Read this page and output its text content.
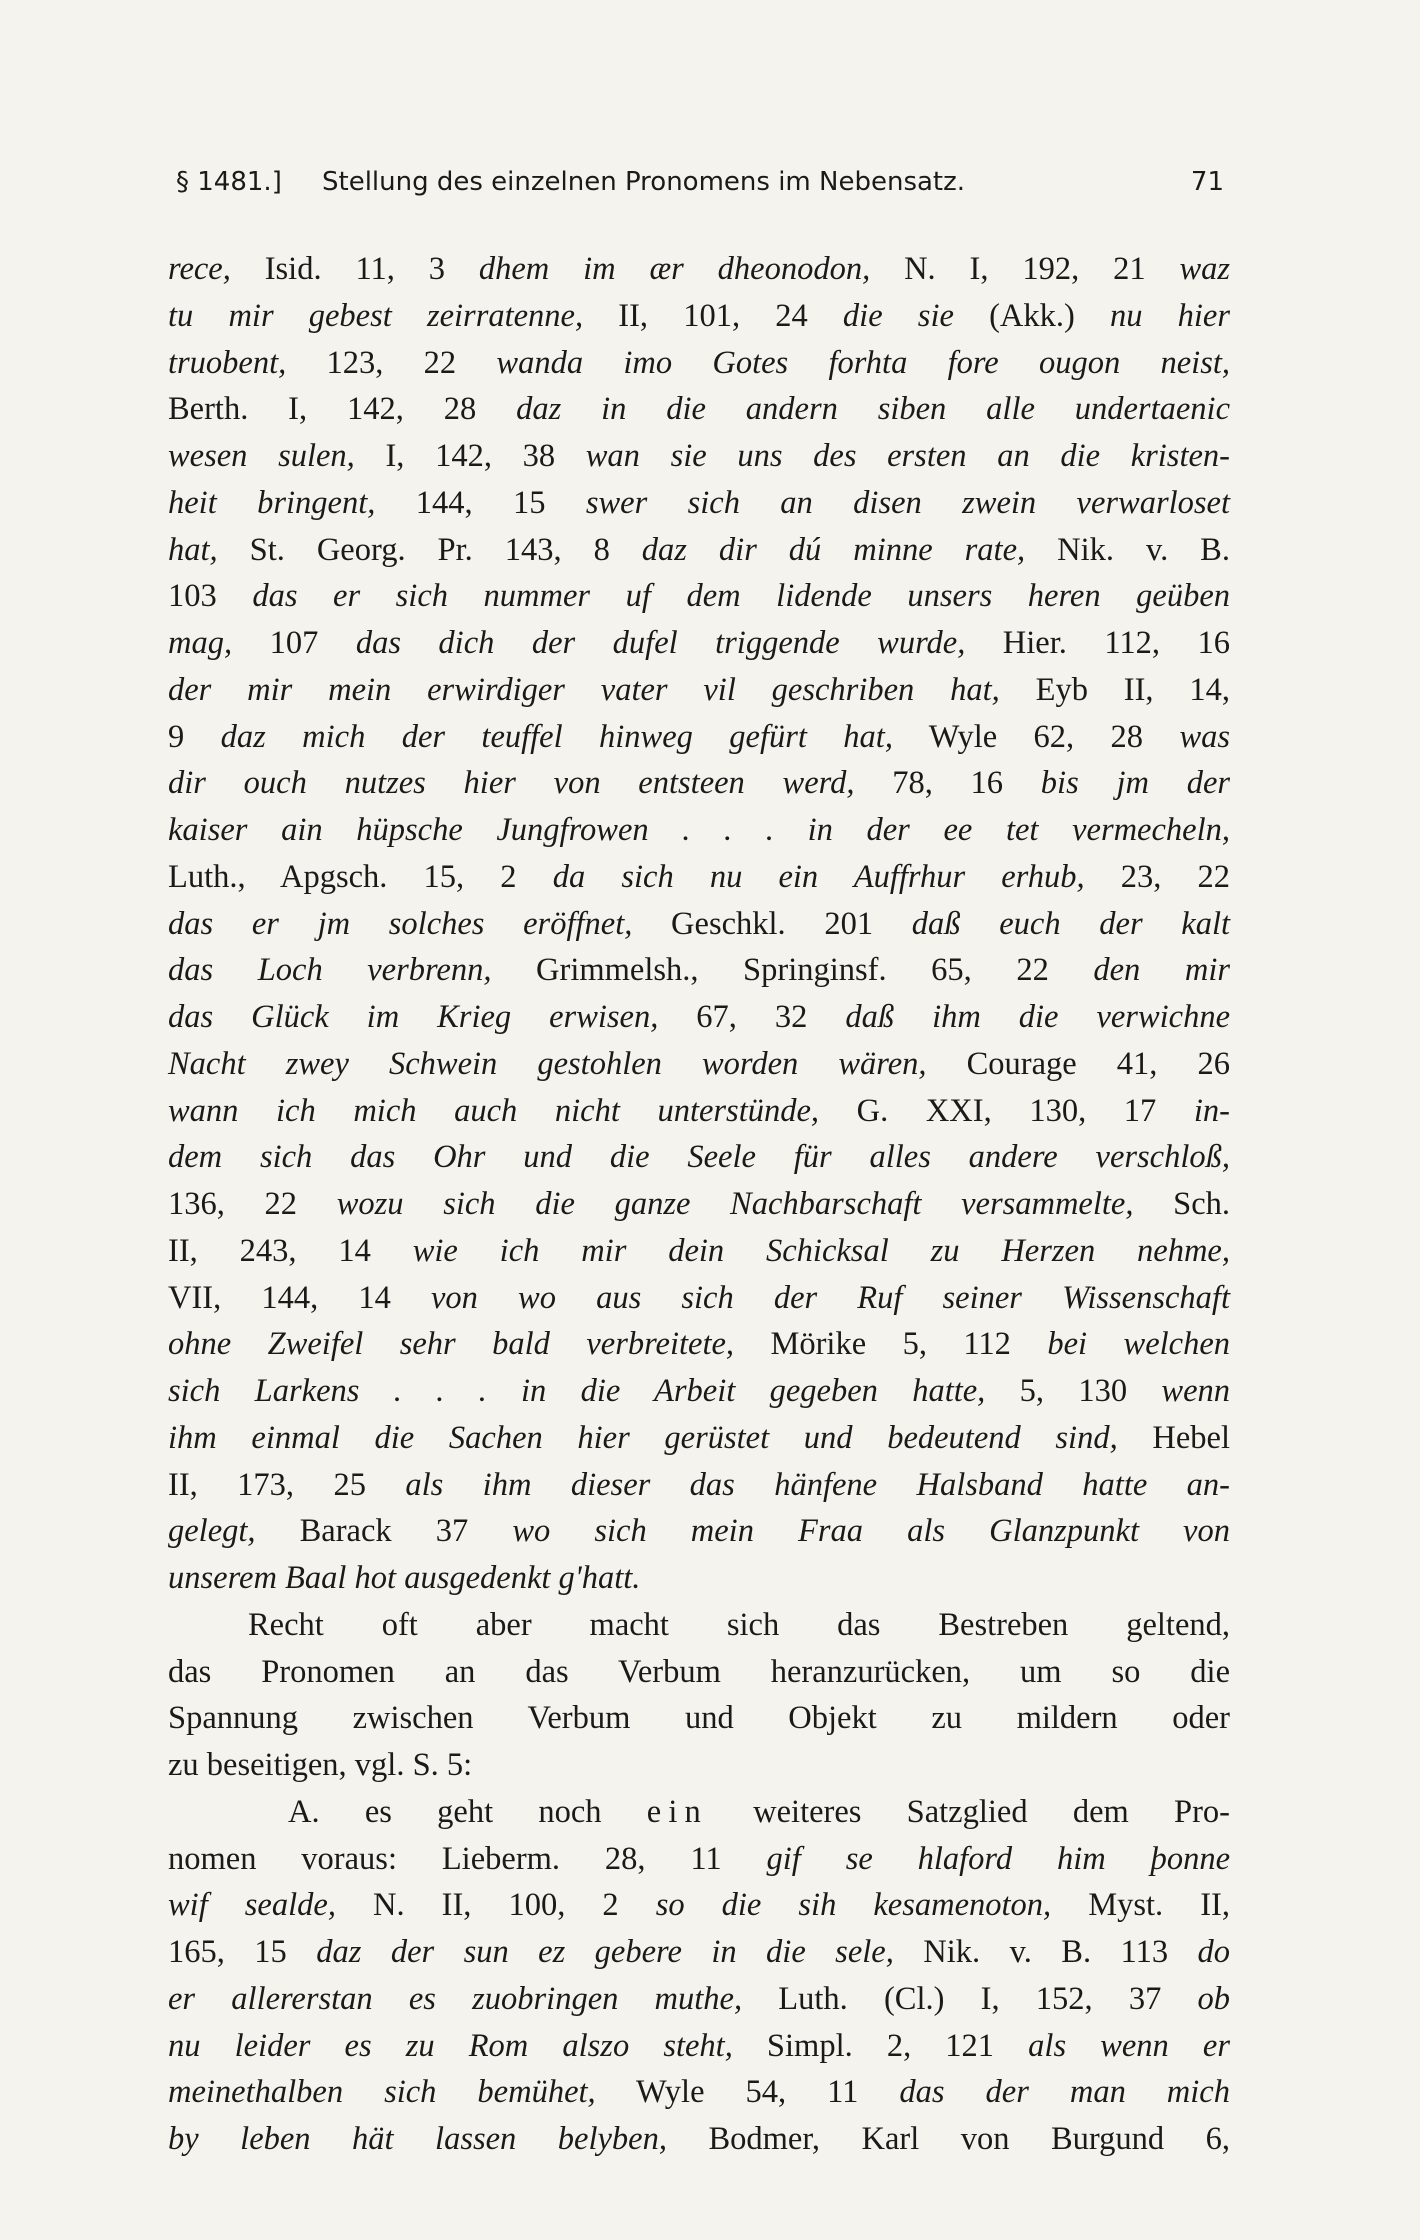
§ 1481.] Stellung des einzelnen Pronomens im Nebensatz.	71
rece, Isid. 11, 3 dhem im ær dheonodon, N. I, 192, 21 waz
tu mir gebest zeirratenne, II, 101, 24 die sie (Akk.) nu hier
truobent, 123, 22 wanda imo Gotes forhta fore ougon neist,
Berth. I, 142, 28 daz in die andern siben alle undertaenic
wesen sulen, I, 142, 38 wan sie uns des ersten an die kristen-
heit bringent, 144, 15 swer sich an disen zwein verwarloset
hat, St. Georg. Pr. 143, 8 daz dir dú minne rate, Nik. v. B.
103 das er sich nummer uf dem lidende unsers heren geüben
mag, 107 das dich der dufel triggende wurde, Hier. 112, 16
der mir mein erwirdiger vater vil geschriben hat, Eyb II, 14,
9 daz mich der teuffel hinweg gefürt hat, Wyle 62, 28 was
dir ouch nutzes hier von entsteen werd, 78, 16 bis jm der
kaiser ain hüpsche Jungfrowen . . . in der ee tet vermecheln,
Luth., Apgsch. 15, 2 da sich nu ein Auffrhur erhub, 23, 22
das er jm solches eröffnet, Geschkl. 201 daß euch der kalt
das Loch verbrenn, Grimmelsh., Springinsf. 65, 22 den mir
das Glück im Krieg erwisen, 67, 32 daß ihm die verwichne
Nacht zwey Schwein gestohlen worden wären, Courage 41, 26
wann ich mich auch nicht unterstünde, G. XXI, 130, 17 in-
dem sich das Ohr und die Seele für alles andere verschloß,
136, 22 wozu sich die ganze Nachbarschaft versammelte, Sch.
II, 243, 14 wie ich mir dein Schicksal zu Herzen nehme,
VII, 144, 14 von wo aus sich der Ruf seiner Wissenschaft
ohne Zweifel sehr bald verbreitete, Mörike 5, 112 bei welchen
sich Larkens . . . in die Arbeit gegeben hatte, 5, 130 wenn
ihm einmal die Sachen hier gerüstet und bedeutend sind, Hebel
II, 173, 25 als ihm dieser das hänfene Halsband hatte an-
gelegt, Barack 37 wo sich mein Fraa als Glanzpunkt von
unserem Baal hot ausgedenkt g'hatt.
Recht oft aber macht sich das Bestreben geltend,
das Pronomen an das Verbum heranzurücken, um so die
Spannung zwischen Verbum und Objekt zu mildern oder
zu beseitigen, vgl. S. 5:
A. es geht noch ein weiteres Satzglied dem Pro-
nomen voraus: Lieberm. 28, 11 gif se hlaford him þonne
wif sealde, N. II, 100, 2 so die sih kesamenoton, Myst. II,
165, 15 daz der sun ez gebere in die sele, Nik. v. B. 113 do
er allererstan es zuobringen muthe, Luth. (Cl.) I, 152, 37 ob
nu leider es zu Rom alszo steht, Simpl. 2, 121 als wenn er
meinethalben sich bemühet, Wyle 54, 11 das der man mich
by leben hät lassen belyben, Bodmer, Karl von Burgund 6,
